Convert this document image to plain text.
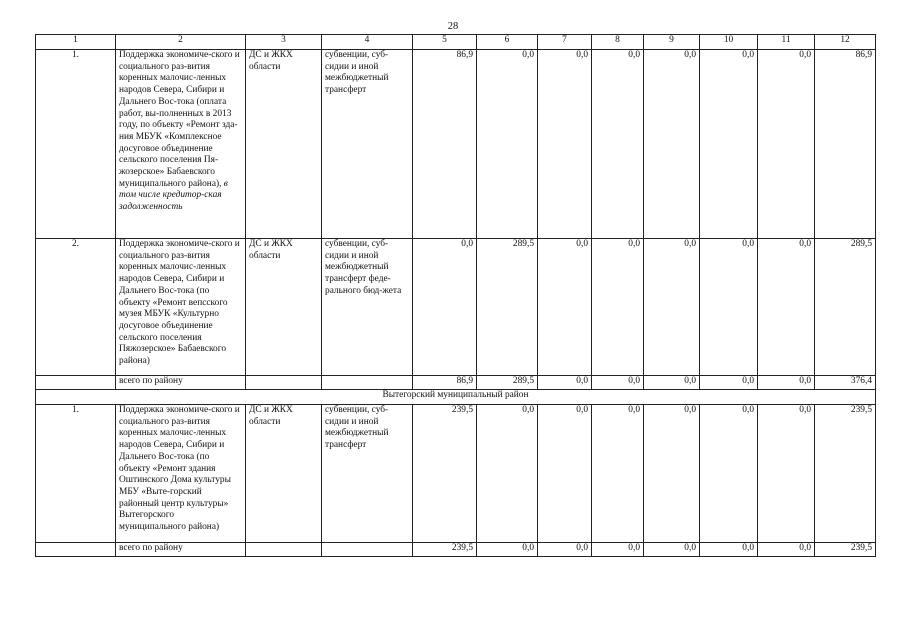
28
1	2	3	4	5	6	7	8	9	10	11	12
1.	Поддержка экономиче-ского и социального раз-вития коренных малочис-ленных народов Севера, Сибири и Дальнего Вос-тока (оплата работ, вы-полненных в 2013 году, по объекту «Ремонт зда-ния МБУК «Комплексное досуговое объединение сельского поселения Пя-жозерское» Бабаевского муниципального района), в том числе кредитор-ская задолженность	ДС и ЖКХ области	субвенции, суб-сидии и иной межбюджетный трансферт	86,9	0,0	0,0	0,0	0,0	0,0	0,0	86,9
2.	Поддержка экономиче-ского и социального раз-вития коренных малочис-ленных народов Севера, Сибири и Дальнего Вос-тока (по объекту «Ремонт вепсского музея МБУК «Культурно досуговое объединение сельского поселения Пяжозерское» Бабаевского района)	ДС и ЖКХ области	субвенции, суб-сидии и иной межбюджетный трансферт феде-рального бюд-жета	0,0	289,5	0,0	0,0	0,0	0,0	0,0	289,5
	всего по району			86,9	289,5	0,0	0,0	0,0	0,0	0,0	376,4
Вытегорский муниципальный район											
1.	Поддержка экономиче-ского и социального раз-вития коренных малочис-ленных народов Севера, Сибири и Дальнего Вос-тока (по объекту «Ремонт здания Оштинского Дома культуры МБУ «Выте-горский районный центр культуры» Вытегорского муниципального района)	ДС и ЖКХ области	субвенции, суб-сидии и иной межбюджетный трансферт	239,5	0,0	0,0	0,0	0,0	0,0	0,0	239,5
	всего по району			239,5	0,0	0,0	0,0	0,0	0,0	0,0	239,5
